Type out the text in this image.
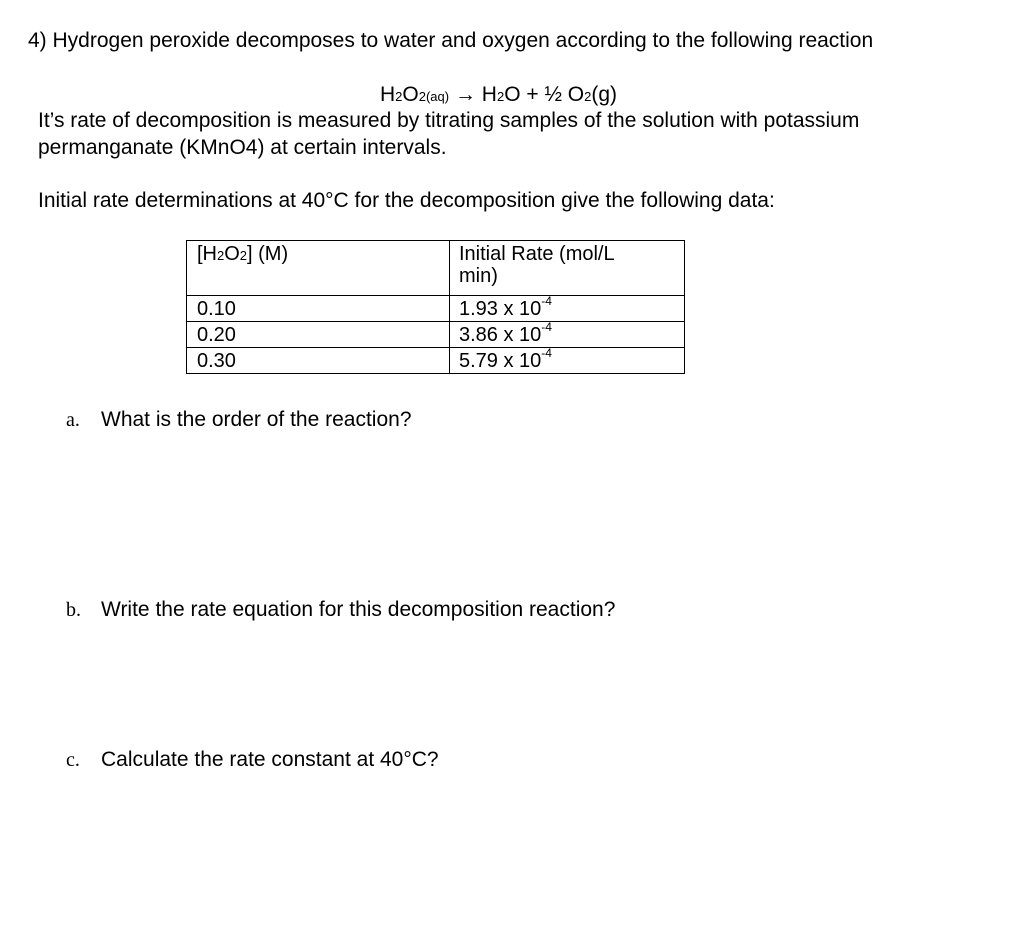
4) Hydrogen peroxide decomposes to water and oxygen according to the following reaction
H2O2(aq) → H2O + ½ O2(g)
It’s rate of decomposition is measured by titrating samples of the solution with potassium
permanganate (KMnO4) at certain intervals.
Initial rate determinations at 40°C for the decomposition give the following data:
[H2O2] (M)	Initial Rate (mol/L
min)
0.10	1.93 x $10^{-4}$
0.20	3.86 x $10^{-4}$
0.30	5.79 x $10^{-4}$
a. What is the order of the reaction?
b. Write the rate equation for this decomposition reaction?
c. Calculate the rate constant at 40°C?
